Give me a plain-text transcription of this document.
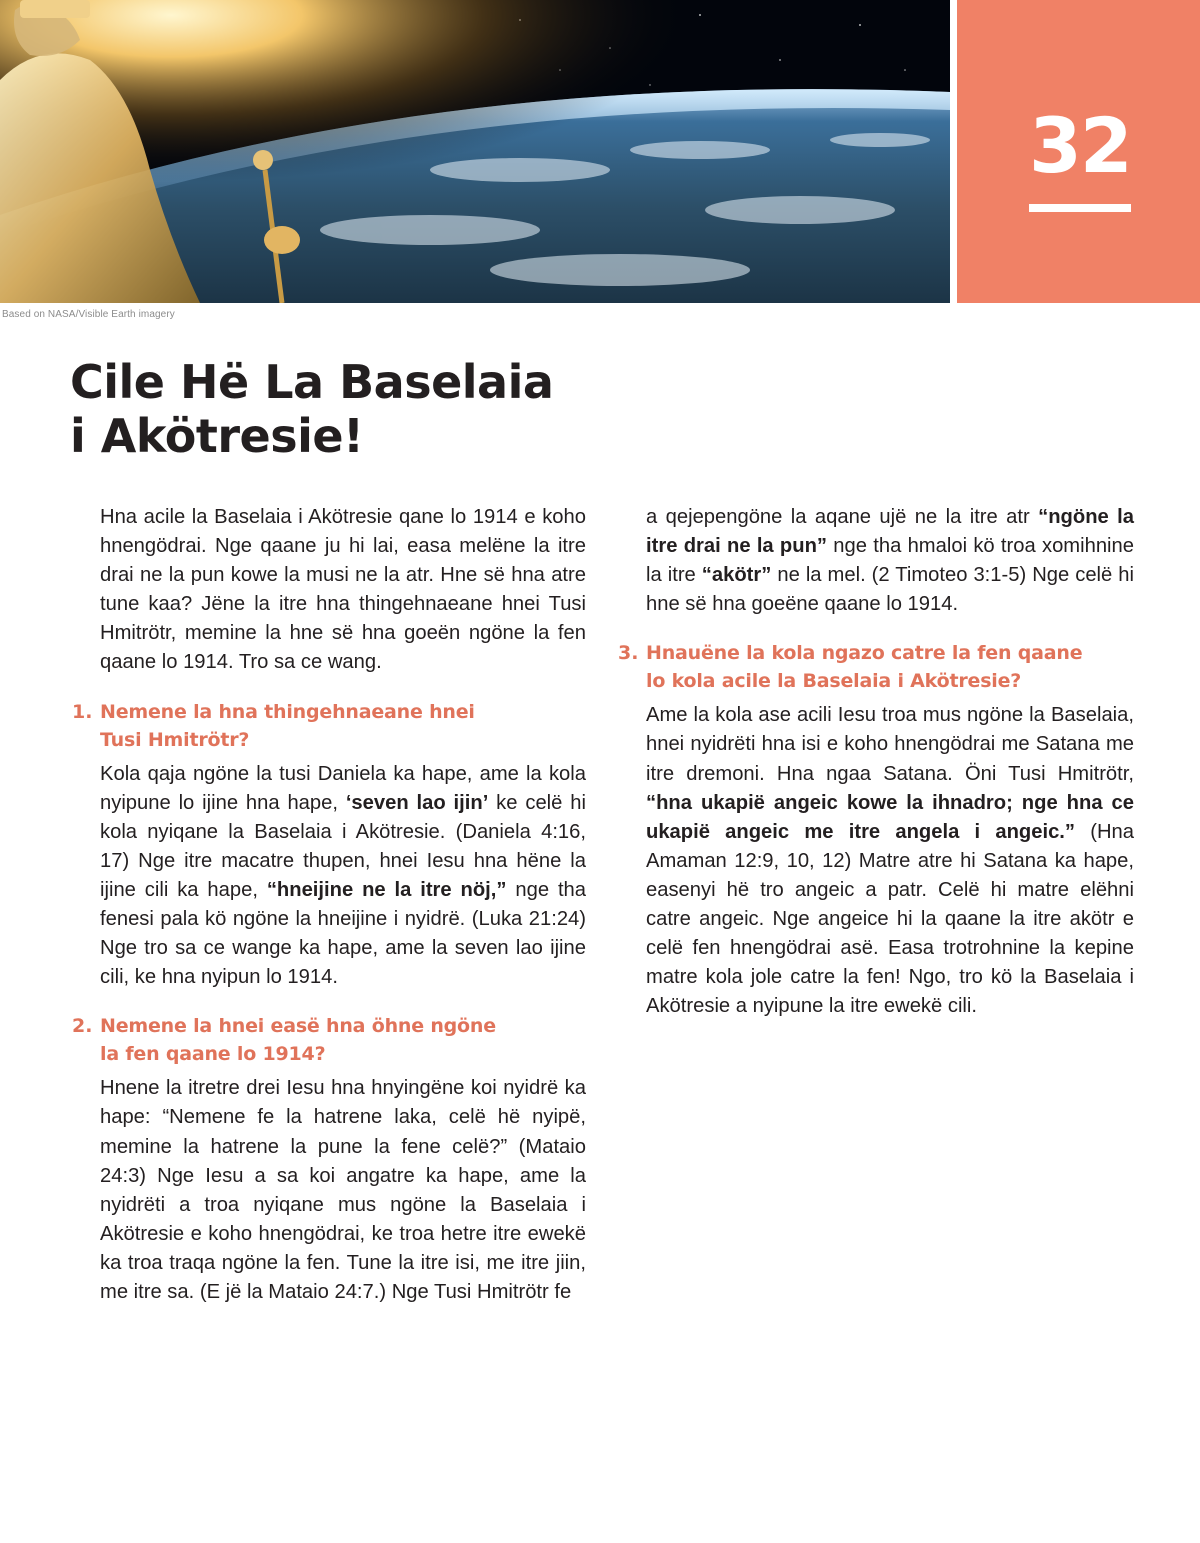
Based on NASA/Visible Earth imagery
32
Cile Hë La Baselaia
i Akötresie!

Hna acile la Baselaia i Akötresie qane lo 1914 e koho hnengödrai. Nge qaane ju hi lai, easa melëne la itre drai ne la pun kowe la musi ne la atr. Hne së hna atre tune kaa? Jëne la itre hna thingehnaeane hnei Tusi Hmitrötr, memine la hne së hna goeën ngöne la fen qaane lo 1914. Tro sa ce wang.

1. Nemene la hna thingehnaeane hnei
Tusi Hmitrötr?

Kola qaja ngöne la tusi Daniela ka hape, ame la kola nyipune lo ijine hna hape, ‘seven lao ijin’ ke celë hi kola nyiqane la Baselaia i Akötresie. (Daniela 4:16, 17) Nge itre macatre thupen, hnei Iesu hna hëne la ijine cili ka hape, “hneijine ne la itre nöj,” nge tha fenesi pala kö ngöne la hneijine i nyidrë. (Luka 21:24) Nge tro sa ce wange ka hape, ame la seven lao ijine cili, ke hna nyipun lo 1914.

2. Nemene la hnei easë hna öhne ngöne
la fen qaane lo 1914?

Hnene la itretre drei Iesu hna hnyingëne koi nyidrë ka hape: “Nemene fe la hatrene laka, celë hë nyipë, memine la hatrene la pune la fene celë?” (Mataio 24:3) Nge Iesu a sa koi angatre ka hape, ame la nyidrëti a troa nyiqane mus ngöne la Baselaia i Akötresie e koho hnengödrai, ke troa hetre itre ewekë ka troa traqa ngöne la fen. Tune la itre isi, me itre jiin, me itre sa. (E jë la Mataio 24:7.) Nge Tusi Hmitrötr fe

a qejepengöne la aqane ujë ne la itre atr “ngöne la itre drai ne la pun” nge tha hmaloi kö troa xomihnine la itre “akötr” ne la mel. (2 Timoteo 3:1-5) Nge celë hi hne së hna goeëne qaane lo 1914.

3. Hnauëne la kola ngazo catre la fen qaane
lo kola acile la Baselaia i Akötresie?

Ame la kola ase acili Iesu troa mus ngöne la Baselaia, hnei nyidrëti hna isi e koho hnengödrai me Satana me itre dremoni. Hna ngaa Satana. Öni Tusi Hmitrötr, “hna ukapië angeic kowe la ihnadro; nge hna ce ukapië angeic me itre angela i angeic.” (Hna Amaman 12:9, 10, 12) Matre atre hi Satana ka hape, easenyi hë tro angeic a patr. Celë hi matre elëhni catre angeic. Nge angeice hi la qaane la itre akötr e celë fen hnengödrai asë. Easa trotrohnine la kepine matre kola jole catre la fen! Ngo, tro kö la Baselaia i Akötresie a nyipune la itre ewekë cili.
